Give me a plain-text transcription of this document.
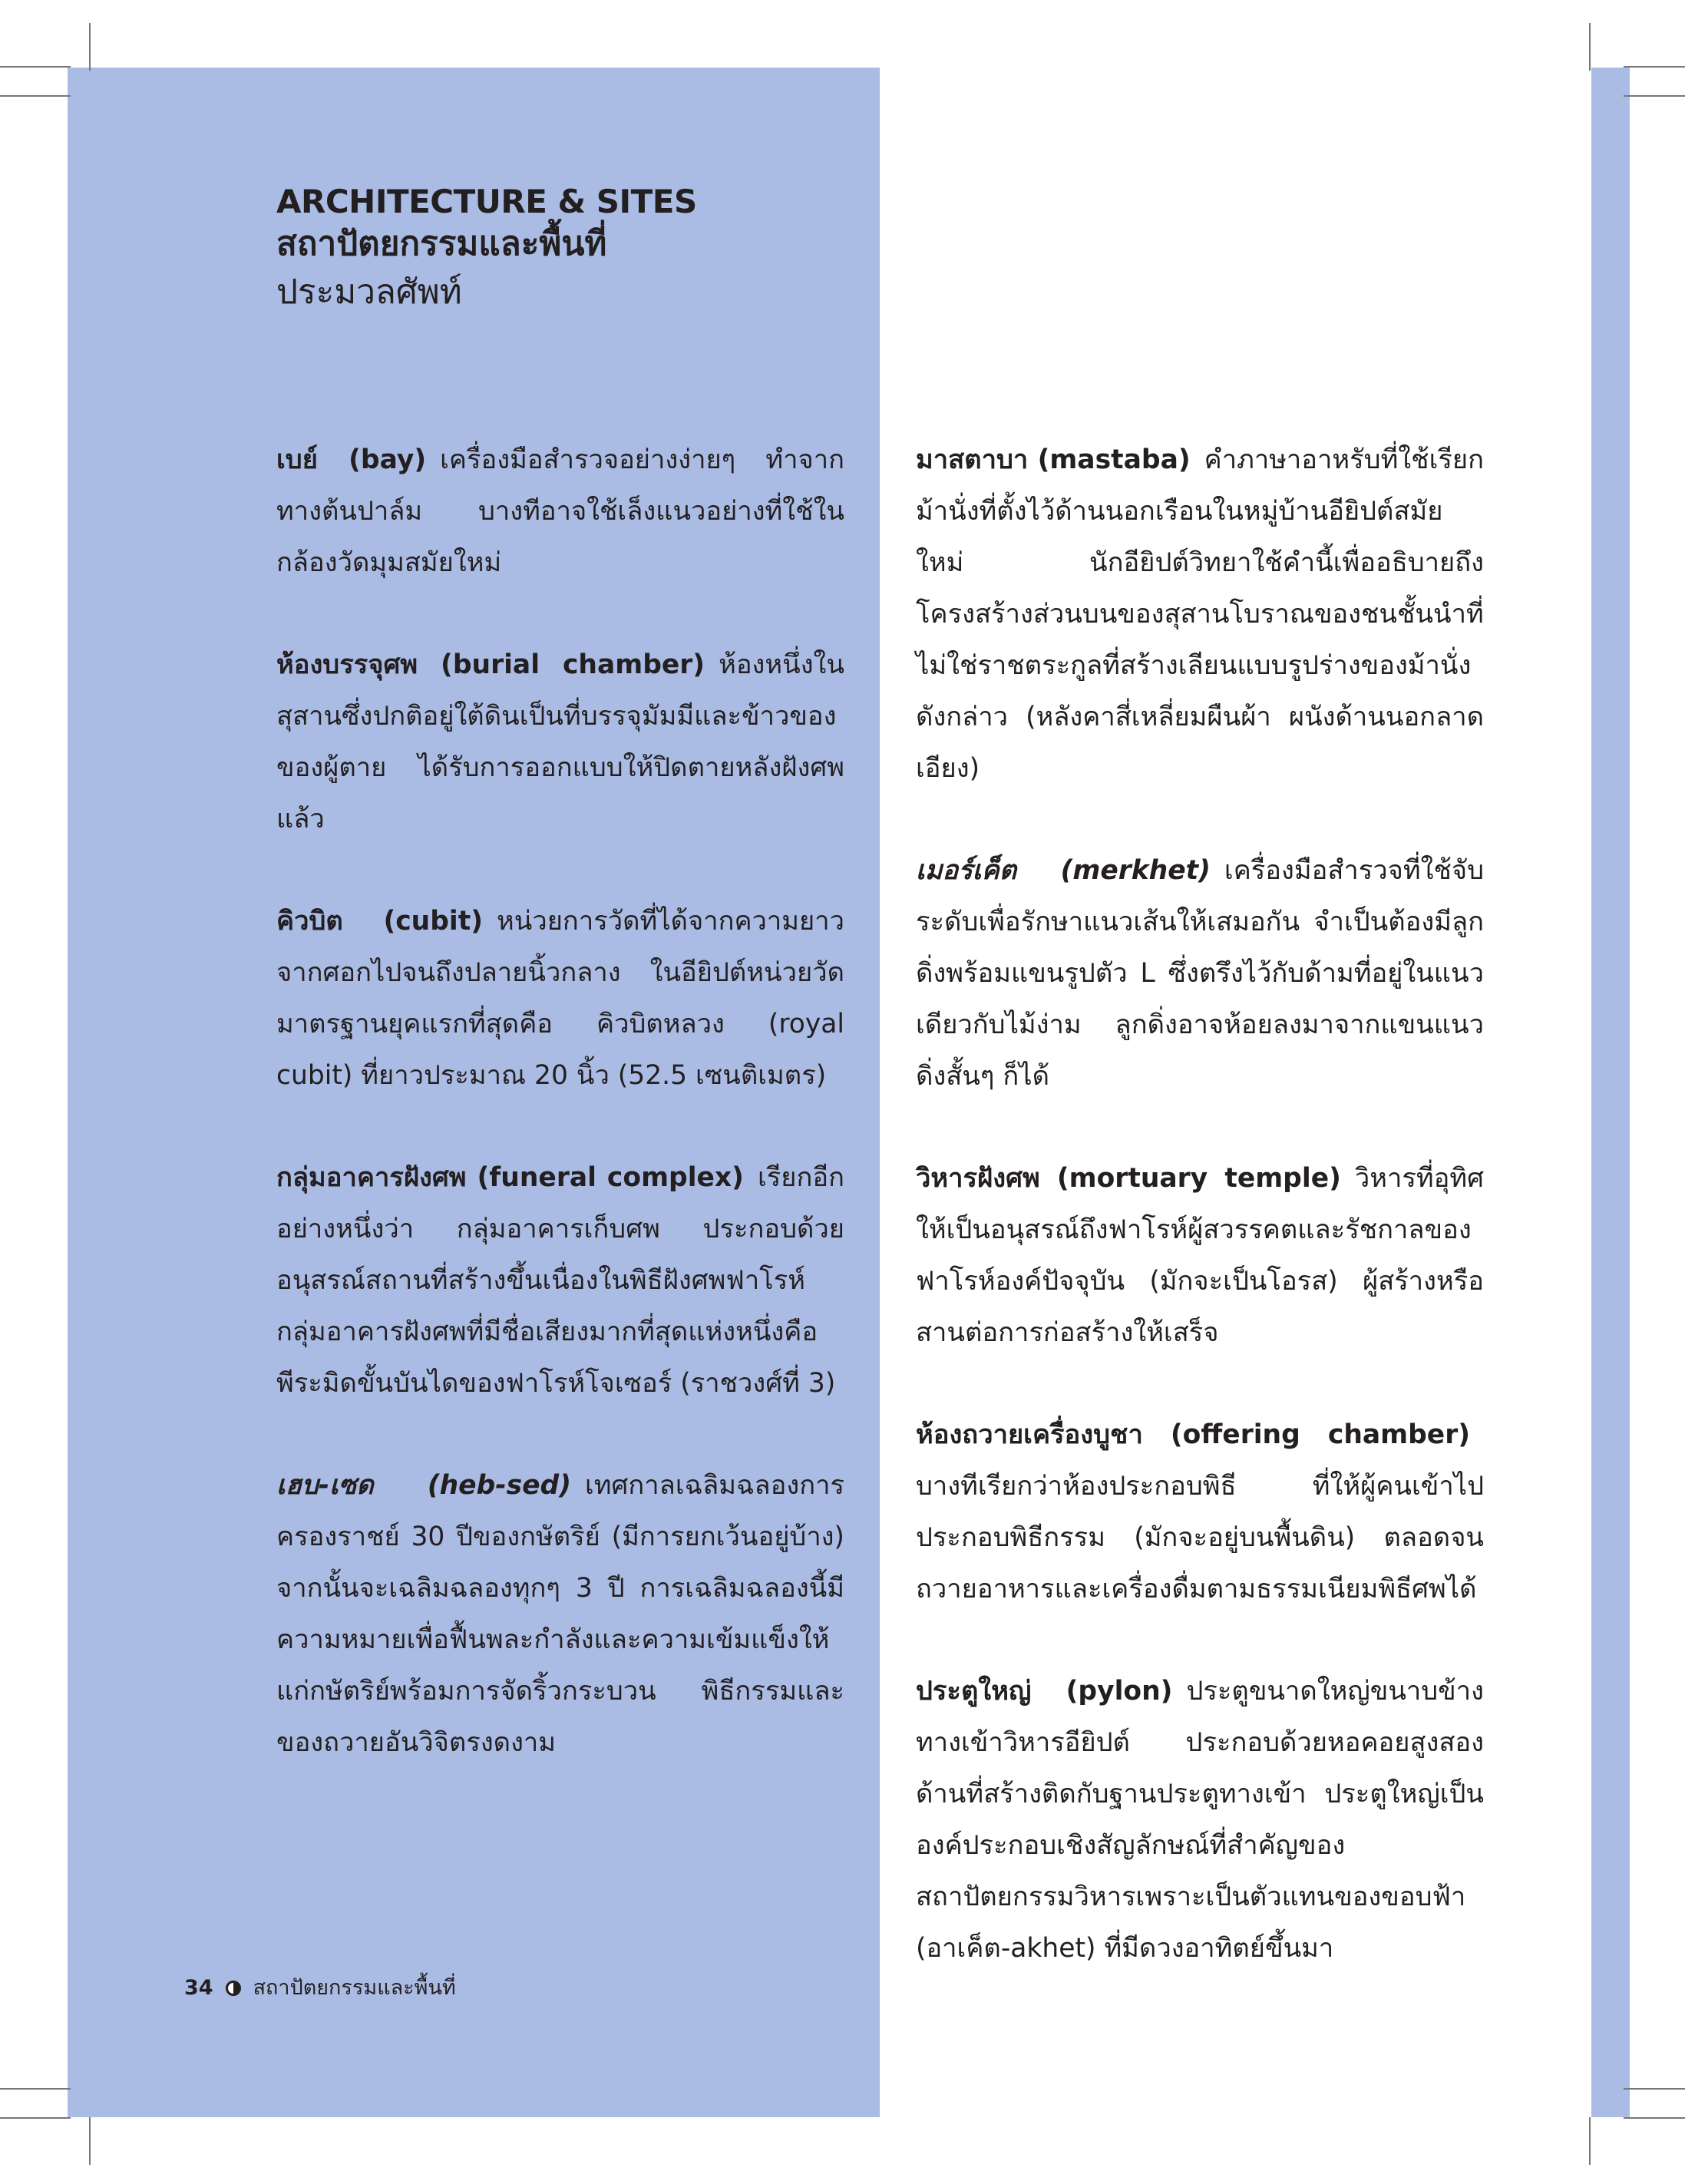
ARCHITECTURE & SITES
สถาปัตยกรรมและพื้นที่
ประมวลศัพท์

เบย์ (bay) เครื่องมือสำรวจอย่างง่ายๆ ทำจากทางต้นปาล์ม บางทีอาจใช้เล็งแนวอย่างที่ใช้ในกล้องวัดมุมสมัยใหม่

ห้องบรรจุศพ (burial chamber) ห้องหนึ่งในสุสานซึ่งปกติอยู่ใต้ดินเป็นที่บรรจุมัมมีและข้าวของของผู้ตาย ได้รับการออกแบบให้ปิดตายหลังฝังศพแล้ว

คิวบิต (cubit) หน่วยการวัดที่ได้จากความยาวจากศอกไปจนถึงปลายนิ้วกลาง ในอียิปต์หน่วยวัดมาตรฐานยุคแรกที่สุดคือ คิวบิตหลวง (royal cubit) ที่ยาวประมาณ 20 นิ้ว (52.5 เซนติเมตร)

กลุ่มอาคารฝังศพ (funeral complex) เรียกอีกอย่างหนึ่งว่า กลุ่มอาคารเก็บศพ ประกอบด้วยอนุสรณ์สถานที่สร้างขึ้นเนื่องในพิธีฝังศพฟาโรห์ กลุ่มอาคารฝังศพที่มีชื่อเสียงมากที่สุดแห่งหนึ่งคือ พีระมิดขั้นบันไดของฟาโรห์โจเซอร์ (ราชวงศ์ที่ 3)

เฮบ-เซด (heb-sed) เทศกาลเฉลิมฉลองการครองราชย์ 30 ปีของกษัตริย์ (มีการยกเว้นอยู่บ้าง) จากนั้นจะเฉลิมฉลองทุกๆ 3 ปี การเฉลิมฉลองนี้มีความหมายเพื่อฟื้นพละกำลังและความเข้มแข็งให้แก่กษัตริย์พร้อมการจัดริ้วกระบวน พิธีกรรมและของถวายอันวิจิตรงดงาม

มาสตาบา (mastaba) คำภาษาอาหรับที่ใช้เรียกม้านั่งที่ตั้งไว้ด้านนอกเรือนในหมู่บ้านอียิปต์สมัยใหม่ นักอียิปต์วิทยาใช้คำนี้เพื่ออธิบายถึงโครงสร้างส่วนบนของสุสานโบราณของชนชั้นนำที่ไม่ใช่ราชตระกูลที่สร้างเลียนแบบรูปร่างของม้านั่งดังกล่าว (หลังคาสี่เหลี่ยมผืนผ้า ผนังด้านนอกลาดเอียง)

เมอร์เค็ต (merkhet) เครื่องมือสำรวจที่ใช้จับระดับเพื่อรักษาแนวเส้นให้เสมอกัน จำเป็นต้องมีลูกดิ่งพร้อมแขนรูปตัว L ซึ่งตรึงไว้กับด้ามที่อยู่ในแนวเดียวกับไม้ง่าม ลูกดิ่งอาจห้อยลงมาจากแขนแนวดิ่งสั้นๆ ก็ได้

วิหารฝังศพ (mortuary temple) วิหารที่อุทิศให้เป็นอนุสรณ์ถึงฟาโรห์ผู้สวรรคตและรัชกาลของฟาโรห์องค์ปัจจุบัน (มักจะเป็นโอรส) ผู้สร้างหรือสานต่อการก่อสร้างให้เสร็จ

ห้องถวายเครื่องบูชา (offering chamber)บางทีเรียกว่าห้องประกอบพิธี ที่ให้ผู้คนเข้าไปประกอบพิธีกรรม (มักจะอยู่บนพื้นดิน) ตลอดจนถวายอาหารและเครื่องดื่มตามธรรมเนียมพิธีศพได้

ประตูใหญ่ (pylon) ประตูขนาดใหญ่ขนาบข้างทางเข้าวิหารอียิปต์ ประกอบด้วยหอคอยสูงสองด้านที่สร้างติดกับฐานประตูทางเข้า ประตูใหญ่เป็นองค์ประกอบเชิงสัญลักษณ์ที่สำคัญของสถาปัตยกรรมวิหารเพราะเป็นตัวแทนของขอบฟ้า (อาเค็ต-akhet) ที่มีดวงอาทิตย์ขึ้นมา

34 สถาปัตยกรรมและพื้นที่
